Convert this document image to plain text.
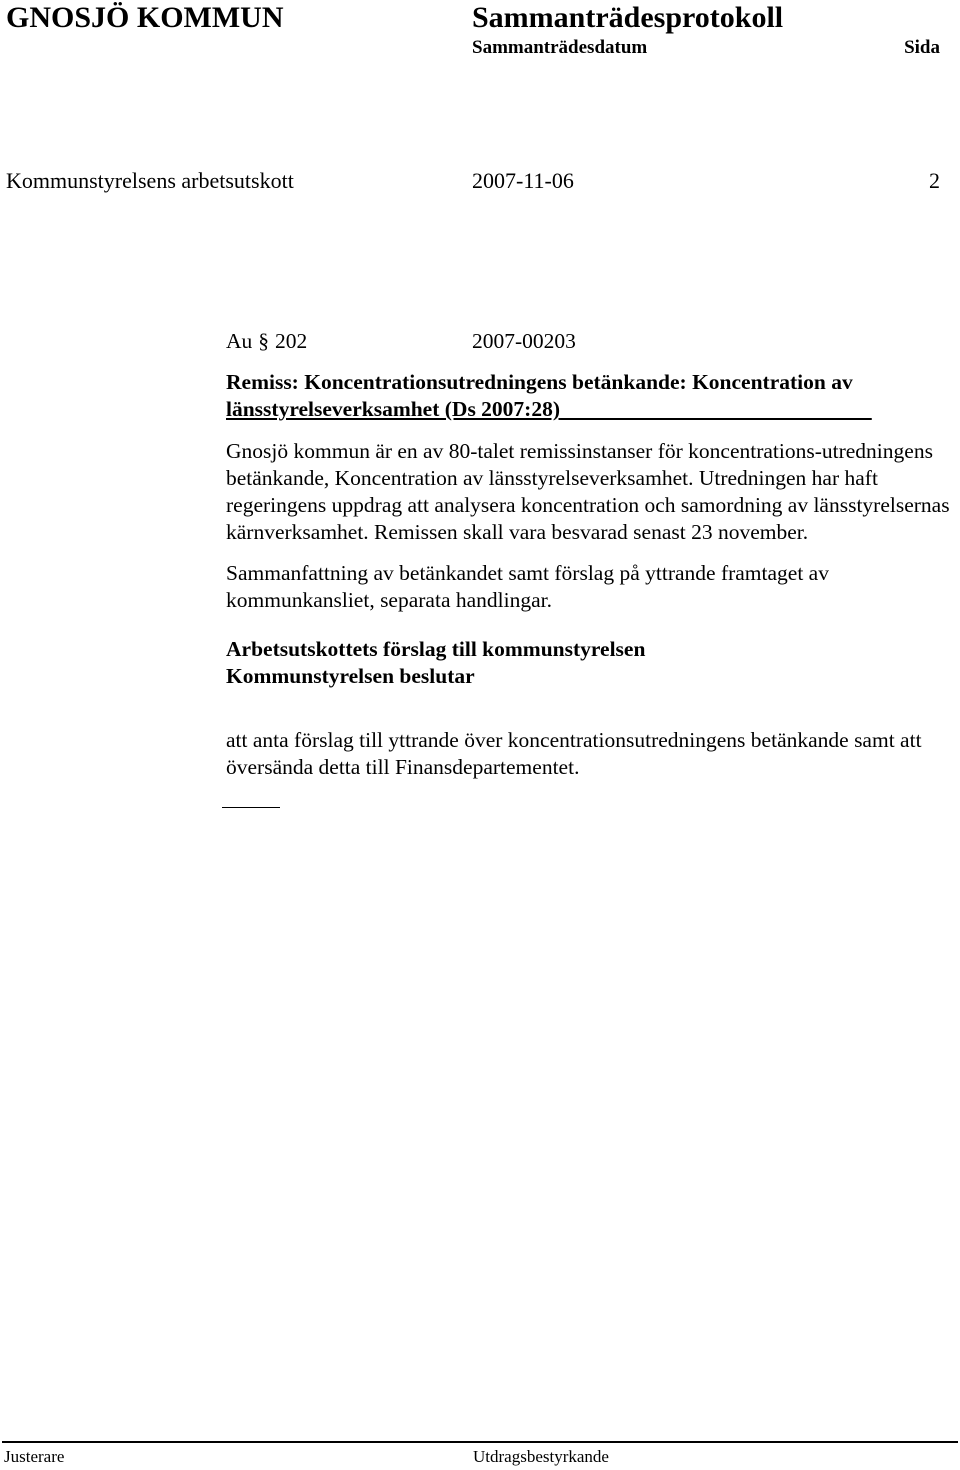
GNOSJÖ KOMMUN	Sammanträdesprotokoll
Sammanträdesdatum	Sida
Kommunstyrelsens arbetsutskott	2007-11-06	2
Au § 202	2007-00203
Remiss: Koncentrationsutredningens betänkande: Koncentration av
länsstyrelseverksamhet (Ds 2007:28)

Gnosjö kommun är en av 80-talet remissinstanser för koncentrations-utredningens betänkande, Koncentration av länsstyrelseverksamhet. Utredningen har haft regeringens uppdrag att analysera koncentration och samordning av länsstyrelsernas kärnverksamhet. Remissen skall vara besvarad senast 23 november.

Sammanfattning av betänkandet samt förslag på yttrande framtaget av kommunkansliet, separata handlingar.

Arbetsutskottets förslag till kommunstyrelsen
Kommunstyrelsen beslutar

att anta förslag till yttrande över koncentrationsutredningens betänkande samt att översända detta till Finansdepartementet.

Justerare	Utdragsbestyrkande
